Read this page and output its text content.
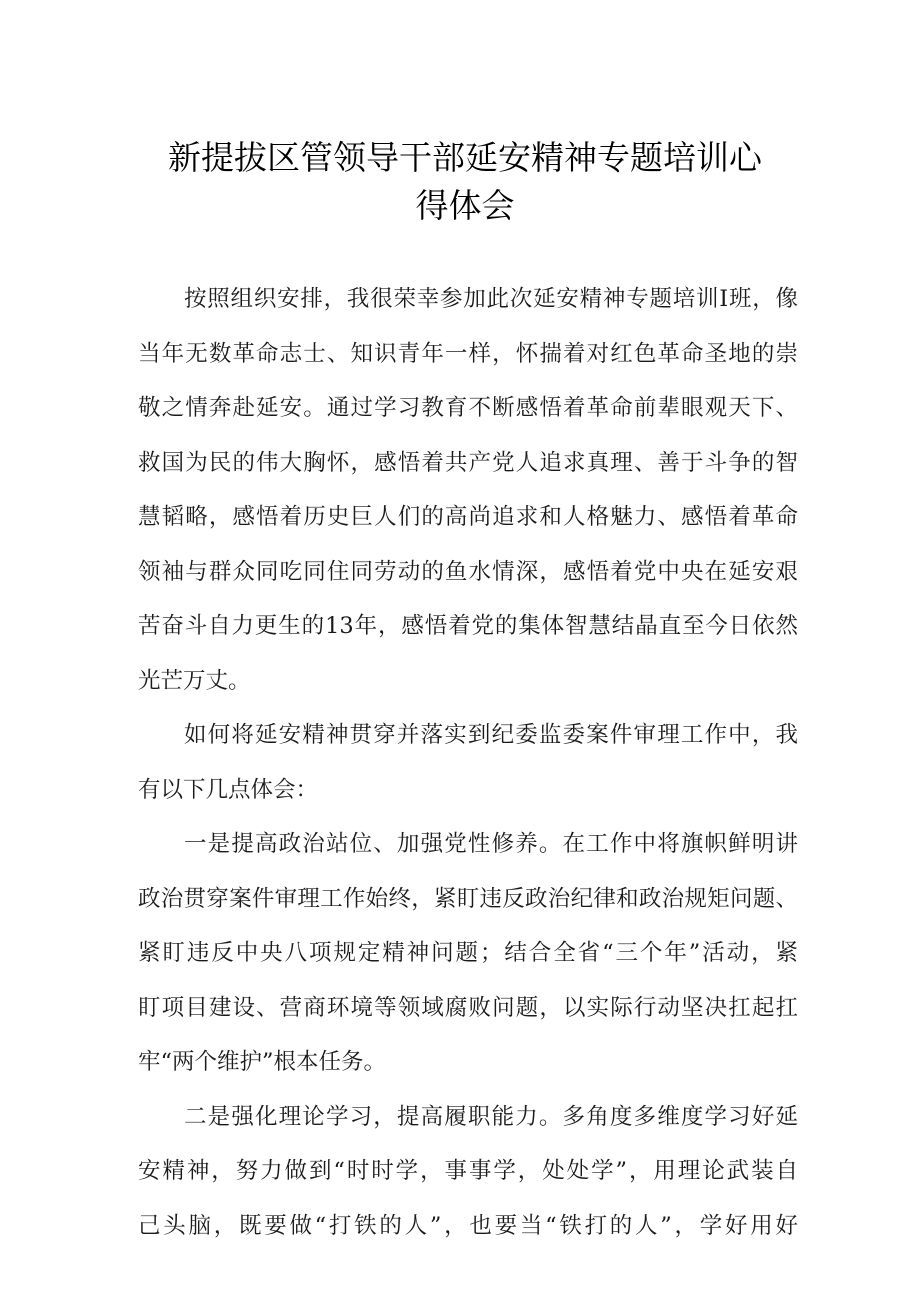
新提拔区管领导干部延安精神专题培训心
得体会
按照组织安排，我很荣幸参加此次延安精神专题培训I班，像
当年无数革命志士、知识青年一样，怀揣着对红色革命圣地的崇
敬之情奔赴延安。通过学习教育不断感悟着革命前辈眼观天下、
救国为民的伟大胸怀，感悟着共产党人追求真理、善于斗争的智
慧韬略，感悟着历史巨人们的高尚追求和人格魅力、感悟着革命
领袖与群众同吃同住同劳动的鱼水情深，感悟着党中央在延安艰
苦奋斗自力更生的13年，感悟着党的集体智慧结晶直至今日依然
光芒万丈。
如何将延安精神贯穿并落实到纪委监委案件审理工作中，我
有以下几点体会：
一是提高政治站位、加强党性修养。在工作中将旗帜鲜明讲
政治贯穿案件审理工作始终，紧盯违反政治纪律和政治规矩问题、
紧盯违反中央八项规定精神问题；结合全省“三个年”活动，紧
盯项目建设、营商环境等领域腐败问题，以实际行动坚决扛起扛
牢“两个维护”根本任务。
二是强化理论学习，提高履职能力。多角度多维度学习好延
安精神，努力做到“时时学，事事学，处处学”，用理论武装自
己头脑，既要做“打铁的人”，也要当“铁打的人”，学好用好
